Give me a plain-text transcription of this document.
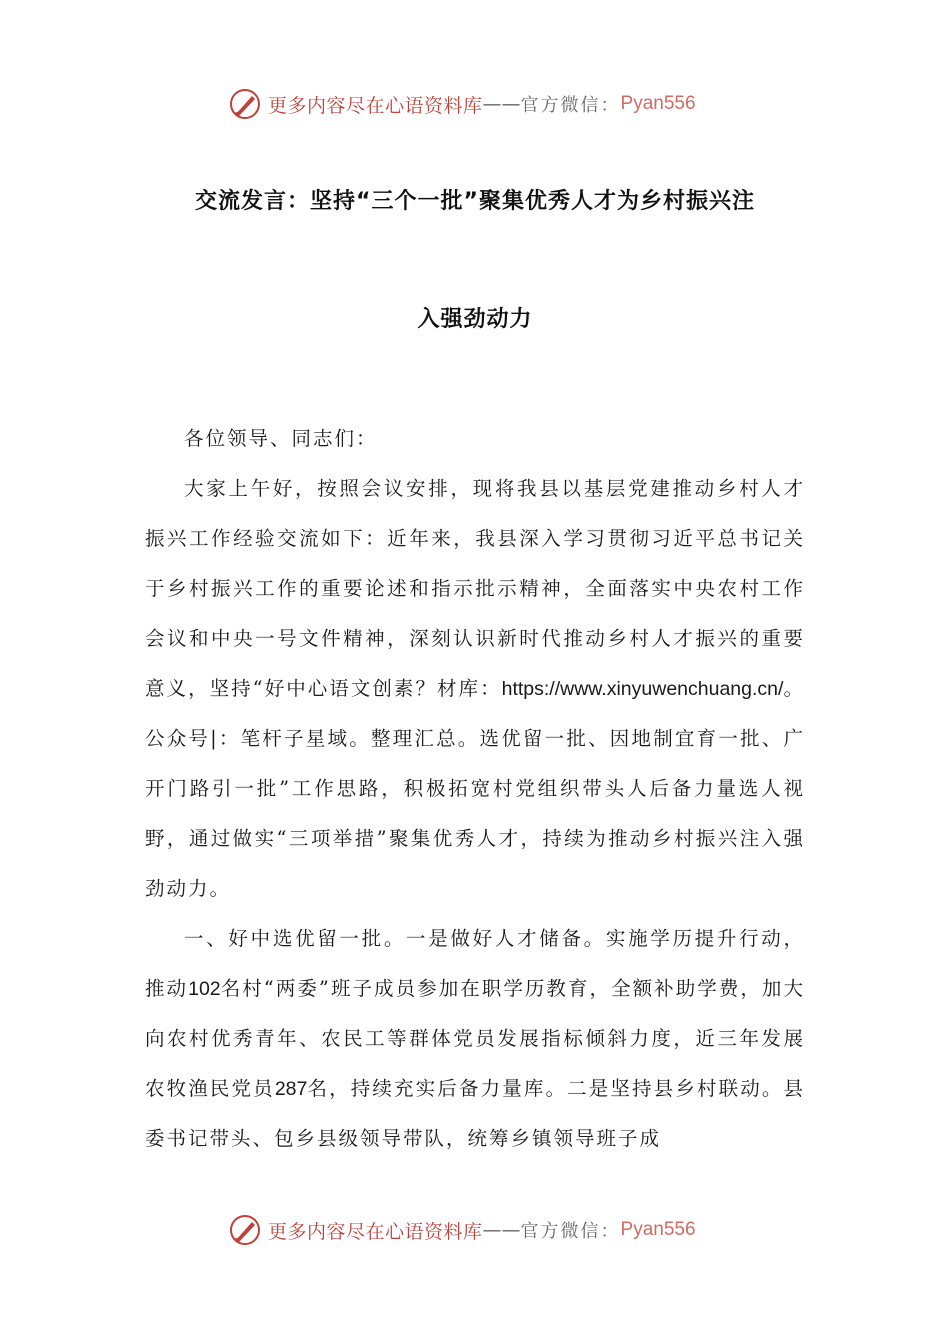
更多内容尽在心语资料库 —— 官方微信： Pyan556
交流发言：坚持“三个一批”聚集优秀人才为乡村振兴注
入强劲动力

各位领导、同志们：

大家上午好，按照会议安排，现将我县以基层党建推动乡村人才振兴工作经验交流如下：近年来，我县深入学习贯彻习近平总书记关于乡村振兴工作的重要论述和指示批示精神，全面落实中央农村工作会议和中央一号文件精神，深刻认识新时代推动乡村人才振兴的重要意义，坚持“好中心语文创素？材库：https://www.xinyuwenchuang.cn/。公众号|：笔杆子星域。整理汇总。选优留一批、因地制宜育一批、广开门路引一批”工作思路，积极拓宽村党组织带头人后备力量选人视野，通过做实“三项举措”聚集优秀人才，持续为推动乡村振兴注入强劲动力。

一、好中选优留一批。一是做好人才储备。实施学历提升行动，推动102名村“两委”班子成员参加在职学历教育，全额补助学费，加大向农村优秀青年、农民工等群体党员发展指标倾斜力度，近三年发展农牧渔民党员287名，持续充实后备力量库。二是坚持县乡村联动。县委书记带头、包乡县级领导带队，统筹乡镇领导班子成

更多内容尽在心语资料库 —— 官方微信： Pyan556
